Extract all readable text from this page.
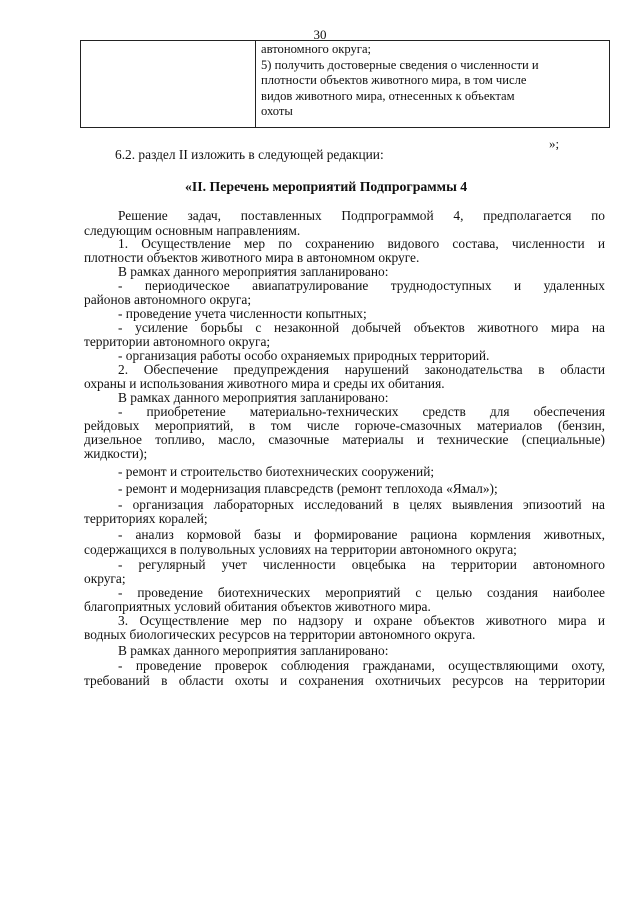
30
автономного округа;
5) получить достоверные сведения о численности и
плотности объектов животного мира, в том числе
видов животного мира, отнесенных к объектам
охоты
»;
6.2. раздел II изложить в следующей редакции:
«II. Перечень мероприятий Подпрограммы 4
Решение задач, поставленных Подпрограммой 4, предполагается по
следующим основным направлениям.
1. Осуществление мер по сохранению видового состава, численности и
плотности объектов животного мира в автономном округе.
В рамках данного мероприятия запланировано:
- периодическое авиапатрулирование труднодоступных и удаленных
районов автономного округа;
- проведение учета численности копытных;
- усиление борьбы с незаконной добычей объектов животного мира на
территории автономного округа;
- организация работы особо охраняемых природных территорий.
2. Обеспечение предупреждения нарушений законодательства в области
охраны и использования животного мира и среды их обитания.
В рамках данного мероприятия запланировано:
- приобретение материально-технических средств для обеспечения
рейдовых мероприятий, в том числе горюче-смазочных материалов (бензин,
дизельное топливо, масло, смазочные материалы и технические (специальные)
жидкости);
- ремонт и строительство биотехнических сооружений;
- ремонт и модернизация плавсредств (ремонт теплохода «Ямал»);
- организация лабораторных исследований в целях выявления эпизоотий на
территориях коралей;
- анализ кормовой базы и формирование рациона кормления животных,
содержащихся в полувольных условиях на территории автономного округа;
- регулярный учет численности овцебыка на территории автономного
округа;
- проведение биотехнических мероприятий с целью создания наиболее
благоприятных условий обитания объектов животного мира.
3. Осуществление мер по надзору и охране объектов животного мира и
водных биологических ресурсов на территории автономного округа.
В рамках данного мероприятия запланировано:
- проведение проверок соблюдения гражданами, осуществляющими охоту,
требований в области охоты и сохранения охотничьих ресурсов на территории
